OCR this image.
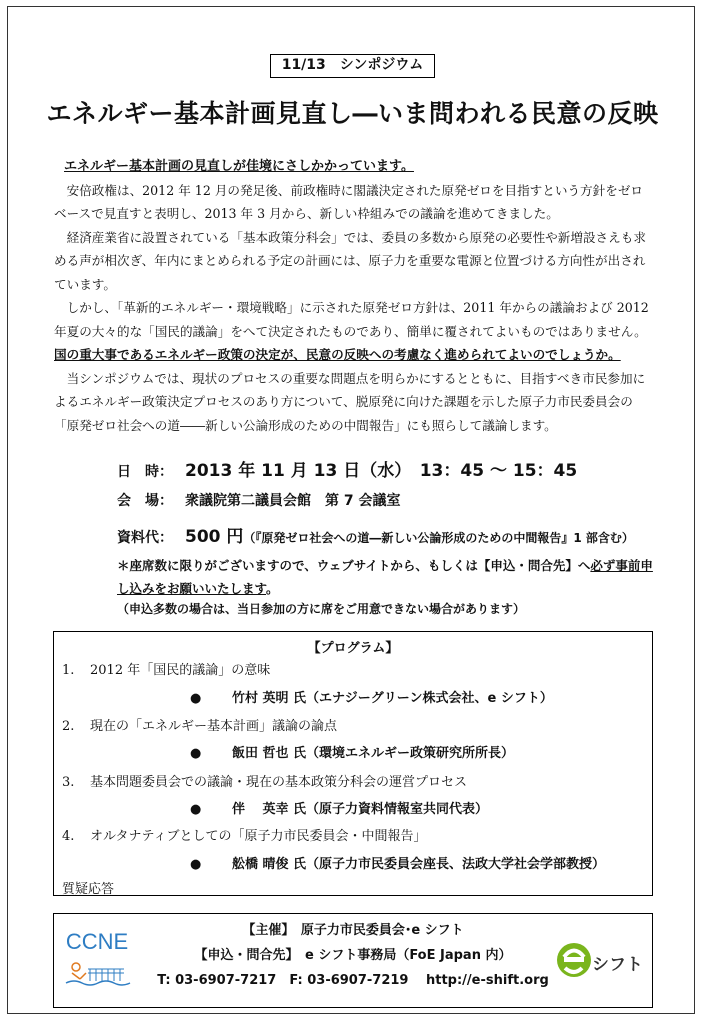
11/13　シンポジウム
エネルギー基本計画見直し―いま問われる民意の反映

エネルギー基本計画の見直しが佳境にさしかかっています。

安倍政権は、2012 年 12 月の発足後、前政権時に閣議決定された原発ゼロを目指すという方針をゼロベースで見直すと表明し、2013 年 3 月から、新しい枠組みでの議論を進めてきました。

経済産業省に設置されている「基本政策分科会」では、委員の多数から原発の必要性や新増設さえも求める声が相次ぎ、年内にまとめられる予定の計画には、原子力を重要な電源と位置づける方向性が出されています。

しかし、「革新的エネルギー・環境戦略」に示された原発ゼロ方針は、2011 年からの議論および 2012 年夏の大々的な「国民的議論」をへて決定されたものであり、簡単に覆されてよいものではありません。国の重大事であるエネルギー政策の決定が、民意の反映への考慮なく進められてよいのでしょうか。

当シンポジウムでは、現状のプロセスの重要な問題点を明らかにするとともに、目指すべき市民参加によるエネルギー政策決定プロセスのあり方について、脱原発に向けた課題を示した原子力市民委員会の「原発ゼロ社会への道――新しい公論形成のための中間報告」にも照らして議論します。

日　時： 2013 年 11 月 13 日（水）　13：45 ～ 15：45
会　場： 衆議院第二議員会館　第 7 会議室
資料代： 500 円（『原発ゼロ社会への道―新しい公論形成のための中間報告』1 部含む）
＊座席数に限りがございますので、ウェブサイトから、もしくは【申込・問合先】へ必ず事前申し込みをお願いいたします。
（申込多数の場合は、当日参加の方に席をご用意できない場合があります）
【プログラム】
1. 2012 年「国民的議論」の意味
● 竹村 英明 氏（エナジーグリーン株式会社、e シフト）
2. 現在の「エネルギー基本計画」議論の論点
● 飯田 哲也 氏（環境エネルギー政策研究所所長）
3. 基本問題委員会での議論・現在の基本政策分科会の運営プロセス
● 伴　 英幸 氏（原子力資料情報室共同代表）
4. オルタナティブとしての「原子力市民委員会・中間報告」
● 舩橋 晴俊 氏（原子力市民委員会座長、法政大学社会学部教授）
質疑応答
CCNE	【主催】　原子力市民委員会･e シフト
【申込・問合先】　e シフト事務局（FoE Japan 内）
T: 03-6907-7217　F: 03-6907-7219　 http://e-shift.org
シフト
